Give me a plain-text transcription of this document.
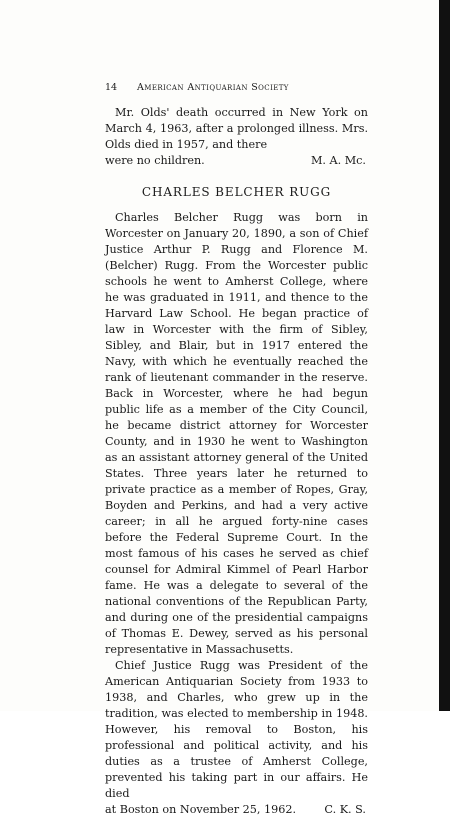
14	American Antiquarian Society

Mr. Olds' death occurred in New York on March 4, 1963, after a prolonged illness. Mrs. Olds died in 1957, and there

were no children.	M. A. Mc.
CHARLES BELCHER RUGG

Charles Belcher Rugg was born in Worcester on January 20, 1890, a son of Chief Justice Arthur P. Rugg and Florence M. (Belcher) Rugg. From the Worcester public schools he went to Amherst College, where he was graduated in 1911, and thence to the Harvard Law School. He began practice of law in Worcester with the firm of Sibley, Sibley, and Blair, but in 1917 entered the Navy, with which he eventually reached the rank of lieutenant commander in the reserve. Back in Worcester, where he had begun public life as a member of the City Council, he became district attorney for Worcester County, and in 1930 he went to Washington as an assistant attorney general of the United States. Three years later he returned to private practice as a member of Ropes, Gray, Boyden and Perkins, and had a very active career; in all he argued forty-nine cases before the Federal Supreme Court. In the most famous of his cases he served as chief counsel for Admiral Kimmel of Pearl Harbor fame. He was a delegate to several of the national conventions of the Republican Party, and during one of the presidential campaigns of Thomas E. Dewey, served as his personal representative in Massachusetts.

Chief Justice Rugg was President of the American Antiquarian Society from 1933 to 1938, and Charles, who grew up in the tradition, was elected to membership in 1948. However, his removal to Boston, his professional and political activity, and his duties as a trustee of Amherst College, prevented his taking part in our affairs. He died

at Boston on November 25, 1962.	C. K. S.
